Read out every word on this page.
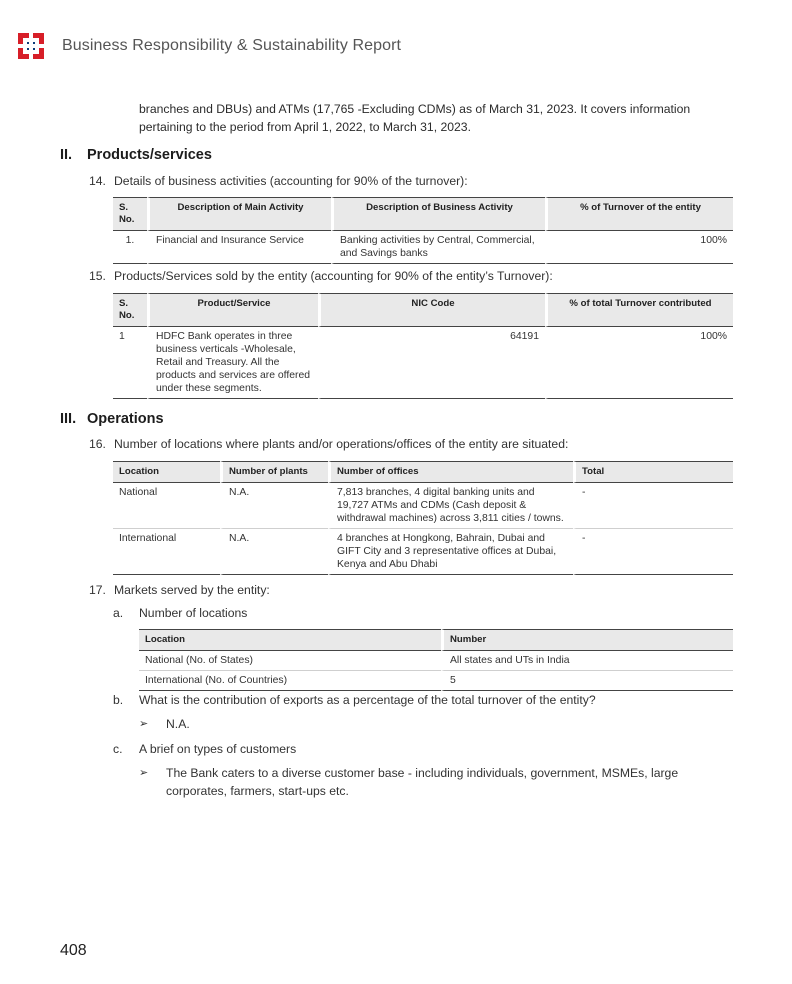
Business Responsibility & Sustainability Report

branches and DBUs) and ATMs (17,765 -Excluding CDMs) as of March 31, 2023. It covers information pertaining to the period from April 1, 2022, to March 31, 2023.

II.	Products/services
14. Details of business activities (accounting for 90% of the turnover):
S. No.	Description of Main Activity	Description of Business Activity	% of Turnover of the entity
1.	Financial and Insurance Service	Banking activities by Central, Commercial, and Savings banks	100%
15. Products/Services sold by the entity (accounting for 90% of the entity’s Turnover):
S. No.	Product/Service	NIC Code	% of total Turnover contributed
1	HDFC Bank operates in three business verticals -Wholesale, Retail and Treasury. All the products and services are offered under these segments.	64191	100%
III. Operations
16. Number of locations where plants and/or operations/offices of the entity are situated:
Location	Number of plants	Number of offices	Total
National	N.A.	7,813 branches, 4 digital banking units and 19,727 ATMs and CDMs (Cash deposit & withdrawal machines) across 3,811 cities / towns.	-
International	N.A.	4 branches at Hongkong, Bahrain, Dubai and GIFT City and 3 representative offices at Dubai, Kenya and Abu Dhabi	-
17. Markets served by the entity:
a.	Number of locations
Location	Number
National (No. of States)	All states and UTs in India
International (No. of Countries)	5
b.	What is the contribution of exports as a percentage of the total turnover of the entity?
➢	N.A.
c.	A brief on types of customers
➢	The Bank caters to a diverse customer base - including individuals, government, MSMEs, large corporates, farmers, start-ups etc.
408
